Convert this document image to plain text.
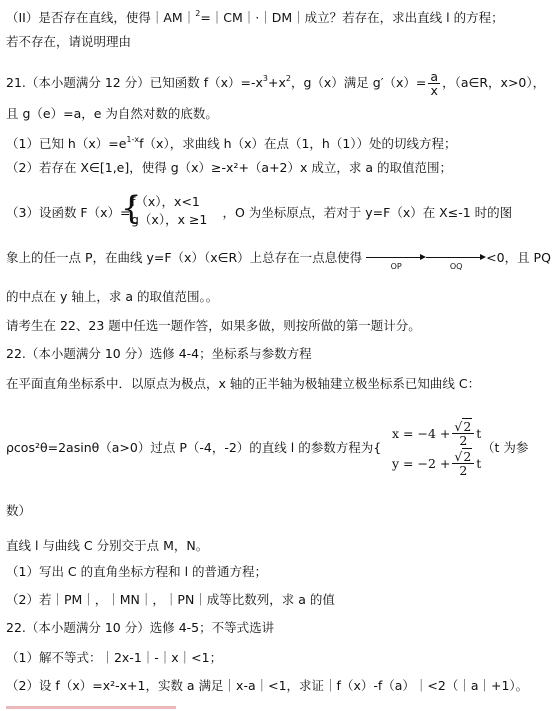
（II）是否存在直线，使得｜AM｜$^2$=｜CM｜·｜DM｜成立？若存在，求出直线 l 的方程；
若不存在，请说明理由
21.（本小题满分 12 分）已知函数 $f(x)=-x^3+x^2$，g（x）满足 $g'(x)= \frac{a}{x}$ ，（a∈R，x>0），
且 g（e）=a，e 为自然对数的底数。
（1）已知 $h(x)=e^{1-x}f(x)$，求曲线 h（x）在点（1，h（1））处的切线方程；
（2）若存在 X∈[1,e]，使得 g（x）≥-x²+（a+2）x 成立，求 a 的取值范围；
（3）设函数 F（x）=	，O 为坐标原点，若对于 y=F（x）在 X≤-1 时的图
f（x），x<1
g（x），x ≥1
{
象上的任一点 P，在曲线 y=F（x）（x∈R）上总存在一点息使得
OP	OQ
<0，且 PQ
的中点在 y 轴上，求 a 的取值范围。。
请考生在 22、23 题中任选一题作答，如果多做，则按所做的第一题计分。
22.（本小题满分 10 分）选修 4-4；坐标系与参数方程
在平面直角坐标系中．以原点为极点，x 轴的正半轴为极轴建立极坐标系已知曲线 C：
ρcos²θ=2asinθ（a>0）过点 P（-4，-2）的直线 l 的参数方程为{
$x = -4 + \frac{√2}{2}$ t
$y = -2 + \frac{√2}{2}$ t
（t 为参
数）
直线 l 与曲线 C 分别交于点 M，N。
（1）写出 C 的直角坐标方程和 l 的普通方程；
（2）若｜PM｜，｜MN｜，｜PN｜成等比数列，求 a 的值
22.（本小题满分 10 分）选修 4-5；不等式选讲
（1）解不等式：｜2x-1｜-｜x｜<1；
（2）设 f（x）=x²-x+1，实数 a 满足｜x-a｜<1，求证｜f（x）-f（a）｜<2（｜a｜+1）。
